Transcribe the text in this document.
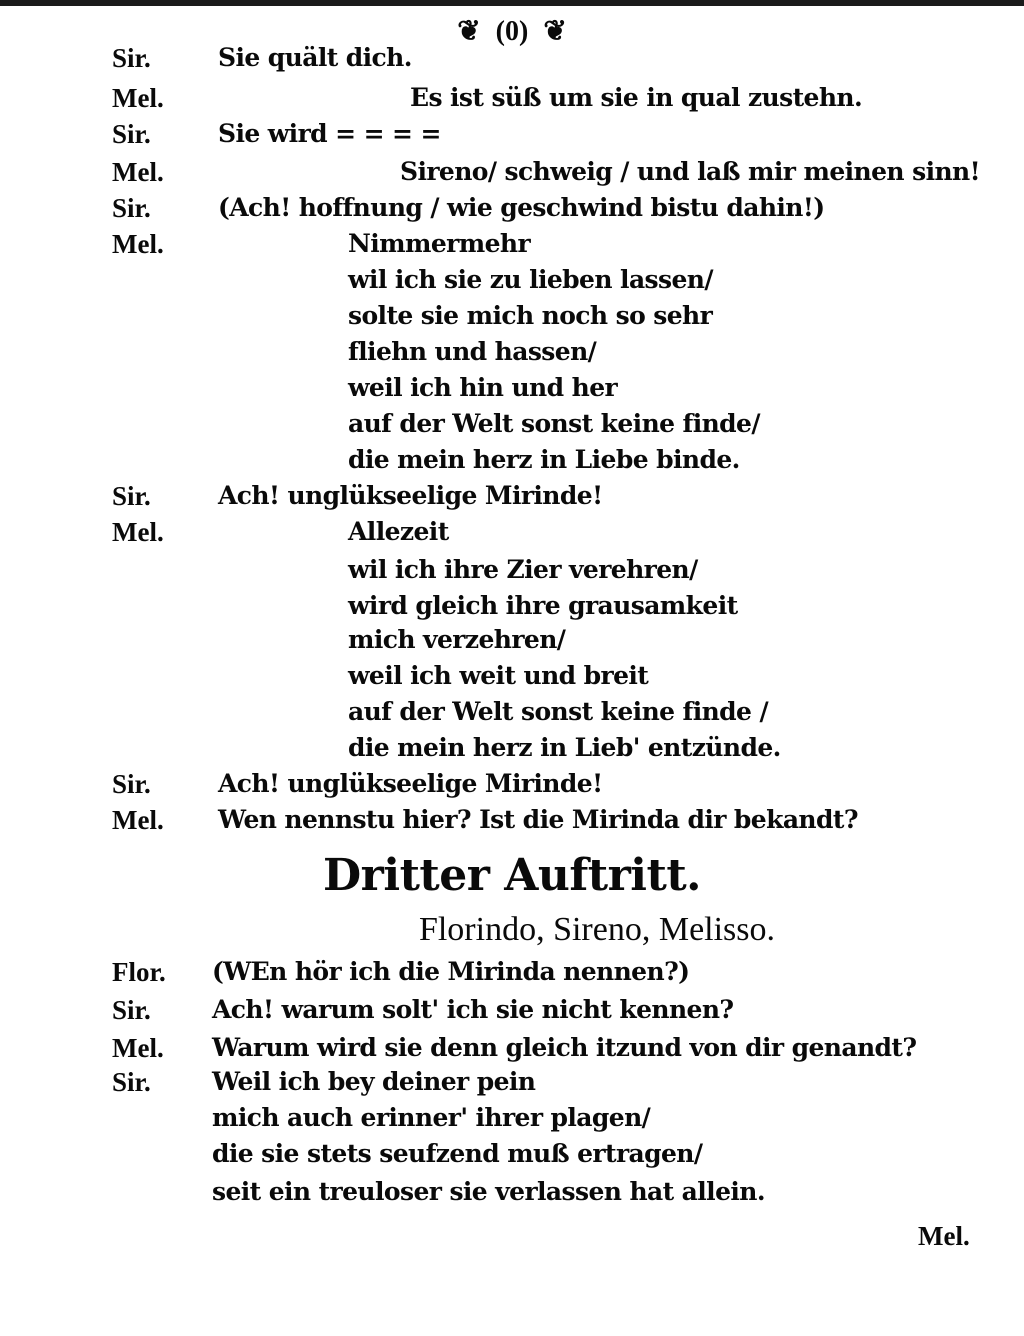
❦ (0) ❦
Sir.	Sie quält dich.
Mel.	Es ist süß um sie in qual zustehn.
Sir.	Sie wird = = = =
Mel.	Sireno/ schweig / und laß mir meinen sinn!
Sir.	(Ach! hoffnung / wie geschwind bistu dahin!)
Mel.	Nimmermehr
wil ich sie zu lieben lassen/
solte sie mich noch so sehr
fliehn und hassen/
weil ich hin und her
auf der Welt sonst keine finde/
die mein herz in Liebe binde.
Sir.	Ach! unglükseelige Mirinde!
Mel.	Allezeit
wil ich ihre Zier verehren/
wird gleich ihre grausamkeit
mich verzehren/
weil ich weit und breit
auf der Welt sonst keine finde /
die mein herz in Lieb' entzünde.
Sir.	Ach! unglükseelige Mirinde!
Mel. Wen nennstu hier? Ist die Mirinda dir bekandt?
Dritter Auftritt.
Florindo, Sireno, Melisso.
Flor. (WEn hör ich die Mirinda nennen?)
Sir. Ach! warum solt' ich sie nicht kennen?
Mel. Warum wird sie denn gleich itzund von dir genandt?
Sir. Weil ich bey deiner pein
mich auch erinner' ihrer plagen/
die sie stets seufzend muß ertragen/
seit ein treuloser sie verlassen hat allein.
Mel.
